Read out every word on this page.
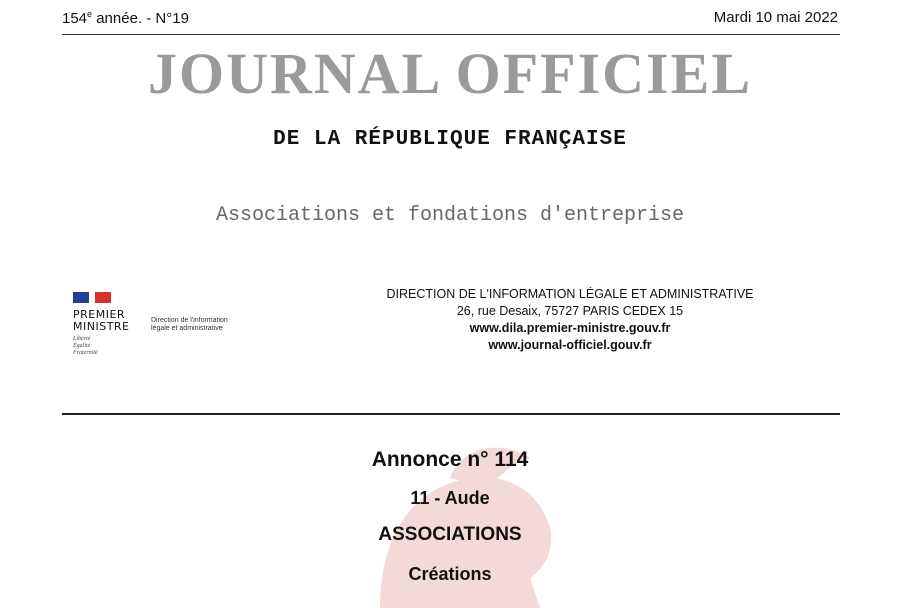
154e année. - N°19	Mardi 10 mai 2022
JOURNAL OFFICIEL
DE LA RÉPUBLIQUE FRANÇAISE
Associations et fondations d'entreprise
PREMIER
MINISTRE
Liberté
Égalité
Fraternité
Direction de l'information
légale et administrative
DIRECTION DE L'INFORMATION LÉGALE ET ADMINISTRATIVE
26, rue Desaix, 75727 PARIS CEDEX 15
www.dila.premier-ministre.gouv.fr
www.journal-officiel.gouv.fr
Annonce n° 114
11 - Aude
ASSOCIATIONS
Créations
